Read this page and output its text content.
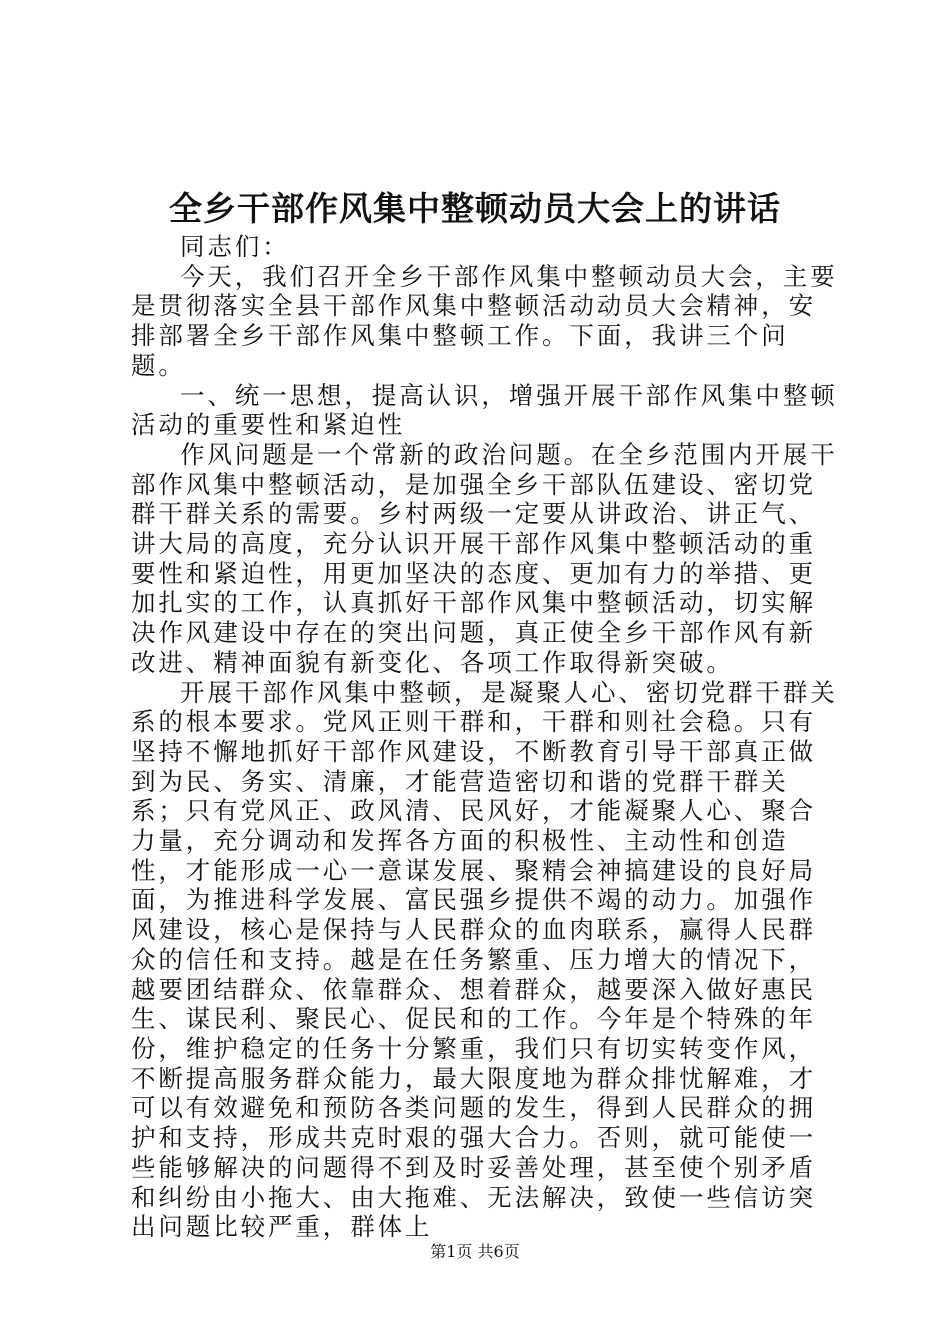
全乡干部作风集中整顿动员大会上的讲话

同志们：

今天，我们召开全乡干部作风集中整顿动员大会，主要是贯彻落实全县干部作风集中整顿活动动员大会精神，安排部署全乡干部作风集中整顿工作。下面，我讲三个问题。

一、统一思想，提高认识，增强开展干部作风集中整顿活动的重要性和紧迫性

作风问题是一个常新的政治问题。在全乡范围内开展干部作风集中整顿活动，是加强全乡干部队伍建设、密切党群干群关系的需要。乡村两级一定要从讲政治、讲正气、讲大局的高度，充分认识开展干部作风集中整顿活动的重要性和紧迫性，用更加坚决的态度、更加有力的举措、更加扎实的工作，认真抓好干部作风集中整顿活动，切实解决作风建设中存在的突出问题，真正使全乡干部作风有新改进、精神面貌有新变化、各项工作取得新突破。

开展干部作风集中整顿，是凝聚人心、密切党群干群关系的根本要求。党风正则干群和，干群和则社会稳。只有坚持不懈地抓好干部作风建设，不断教育引导干部真正做到为民、务实、清廉，才能营造密切和谐的党群干群关系；只有党风正、政风清、民风好，才能凝聚人心、聚合力量，充分调动和发挥各方面的积极性、主动性和创造性，才能形成一心一意谋发展、聚精会神搞建设的良好局面，为推进科学发展、富民强乡提供不竭的动力。加强作风建设，核心是保持与人民群众的血肉联系，赢得人民群众的信任和支持。越是在任务繁重、压力增大的情况下，越要团结群众、依靠群众、想着群众，越要深入做好惠民生、谋民利、聚民心、促民和的工作。今年是个特殊的年份，维护稳定的任务十分繁重，我们只有切实转变作风，不断提高服务群众能力，最大限度地为群众排忧解难，才可以有效避免和预防各类问题的发生，得到人民群众的拥护和支持，形成共克时艰的强大合力。否则，就可能使一些能够解决的问题得不到及时妥善处理，甚至使个别矛盾和纠纷由小拖大、由大拖难、无法解决，致使一些信访突出问题比较严重，群体上

第1页 共6页
